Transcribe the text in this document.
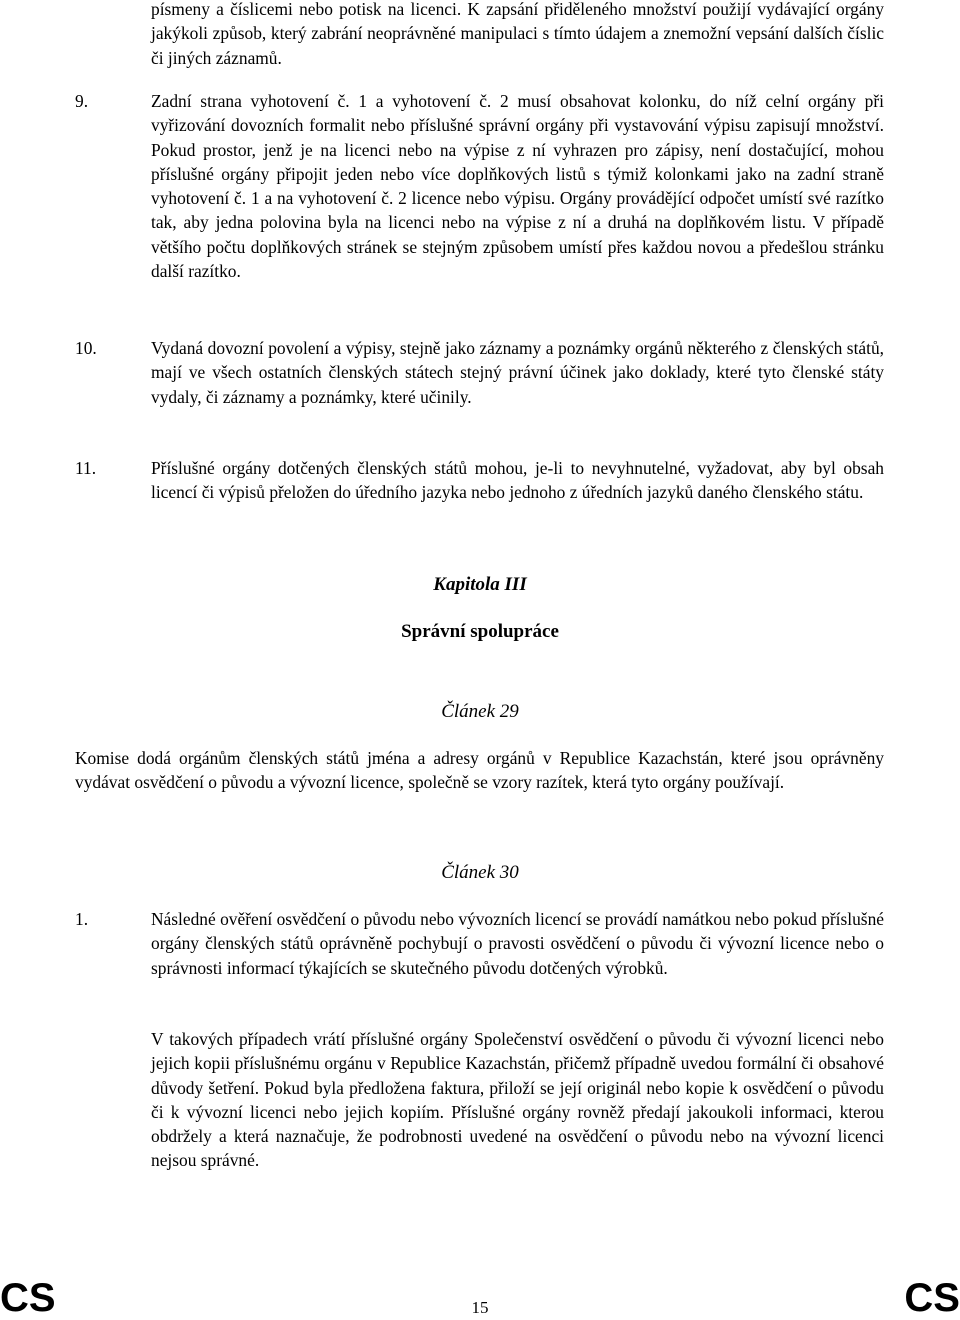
písmeny a číslicemi nebo potisk na licenci. K zapsání přiděleného množství použijí vydávající orgány jakýkoli způsob, který zabrání neoprávněné manipulaci s tímto údajem a znemožní vepsání dalších číslic či jiných záznamů.
9.	Zadní strana vyhotovení č. 1 a vyhotovení č. 2 musí obsahovat kolonku, do níž celní orgány při vyřizování dovozních formalit nebo příslušné správní orgány při vystavování výpisu zapisují množství. Pokud prostor, jenž je na licenci nebo na výpise z ní vyhrazen pro zápisy, není dostačující, mohou příslušné orgány připojit jeden nebo více doplňkových listů s týmiž kolonkami jako na zadní straně vyhotovení č. 1 a na vyhotovení č. 2 licence nebo výpisu. Orgány provádějící odpočet umístí své razítko tak, aby jedna polovina byla na licenci nebo na výpise z ní a druhá na doplňkovém listu. V případě většího počtu doplňkových stránek se stejným způsobem umístí přes každou novou a předešlou stránku další razítko.
10.	Vydaná dovozní povolení a výpisy, stejně jako záznamy a poznámky orgánů některého z členských států, mají ve všech ostatních členských státech stejný právní účinek jako doklady, které tyto členské státy vydaly, či záznamy a poznámky, které učinily.
11.	Příslušné orgány dotčených členských států mohou, je-li to nevyhnutelné, vyžadovat, aby byl obsah licencí či výpisů přeložen do úředního jazyka nebo jednoho z úředních jazyků daného členského státu.
Kapitola III
Správní spolupráce
Článek 29
Komise dodá orgánům členských států jména a adresy orgánů v Republice Kazachstán, které jsou oprávněny vydávat osvědčení o původu a vývozní licence, společně se vzory razítek, která tyto orgány používají.
Článek 30
1.	Následné ověření osvědčení o původu nebo vývozních licencí se provádí namátkou nebo pokud příslušné orgány členských států oprávněně pochybují o pravosti osvědčení o původu či vývozní licence nebo o správnosti informací týkajících se skutečného původu dotčených výrobků.
V takových případech vrátí příslušné orgány Společenství osvědčení o původu či vývozní licenci nebo jejich kopii příslušnému orgánu v Republice Kazachstán, přičemž případně uvedou formální či obsahové důvody šetření. Pokud byla předložena faktura, přiloží se její originál nebo kopie k osvědčení o původu či k vývozní licenci nebo jejich kopiím. Příslušné orgány rovněž předají jakoukoli informaci, kterou obdržely a která naznačuje, že podrobnosti uvedené na osvědčení o původu nebo na vývozní licenci nejsou správné.
CS	15	CS
